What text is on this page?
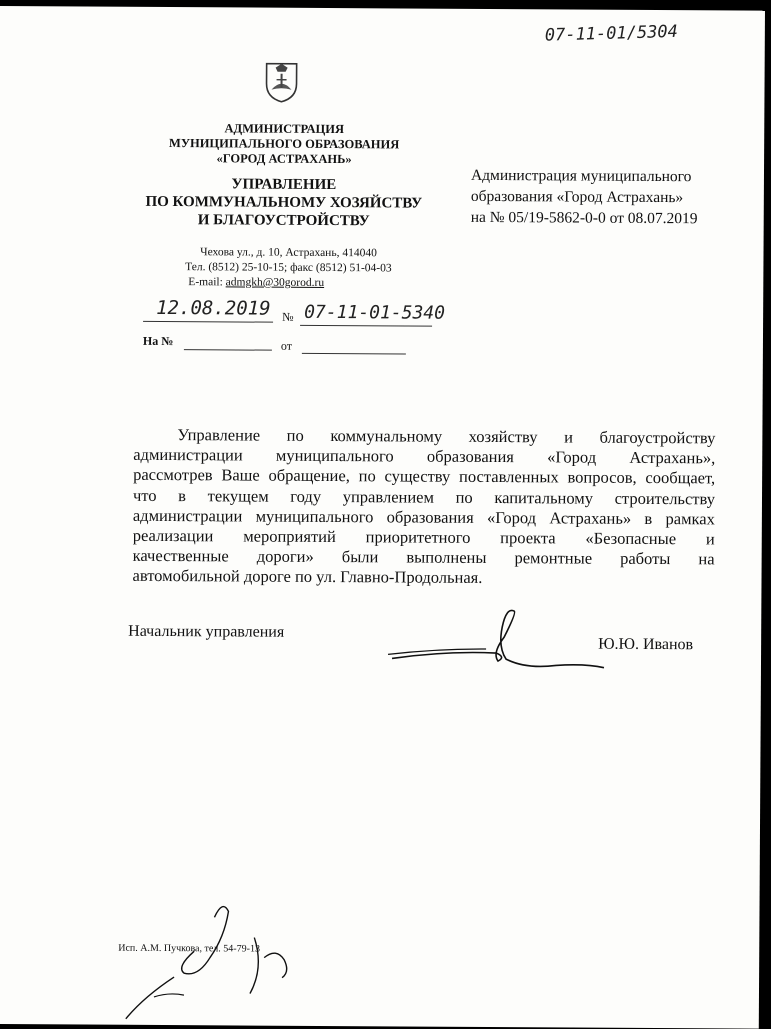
07-11-01/5304
АДМИНИСТРАЦИЯ
МУНИЦИПАЛЬНОГО ОБРАЗОВАНИЯ
«ГОРОД АСТРАХАНЬ»
УПРАВЛЕНИЕ
ПО КОММУНАЛЬНОМУ ХОЗЯЙСТВУ
И БЛАГОУСТРОЙСТВУ
Чехова ул., д. 10, Астрахань, 414040
Тел. (8512) 25-10-15; факс (8512) 51-04-03
E-mail: admgkh@30gorod.ru
12.08.2019 № 07-11-01-5340
На №	от
Администрация муниципального
образования «Город Астрахань»
на № 05/19-5862-0-0 от 08.07.2019
Управление по коммунальному хозяйству и благоустройству
администрации муниципального образования «Город Астрахань»,
рассмотрев Ваше обращение, по существу поставленных вопросов, сообщает,
что в текущем году управлением по капитальному строительству
администрации муниципального образования «Город Астрахань» в рамках
реализации мероприятий приоритетного проекта «Безопасные и
качественные дороги» были выполнены ремонтные работы на
автомобильной дороге по ул. Главно-Продольная.
Начальник управления
Ю.Ю. Иванов
Исп. А.М. Пучкова, тел. 54-79-13
